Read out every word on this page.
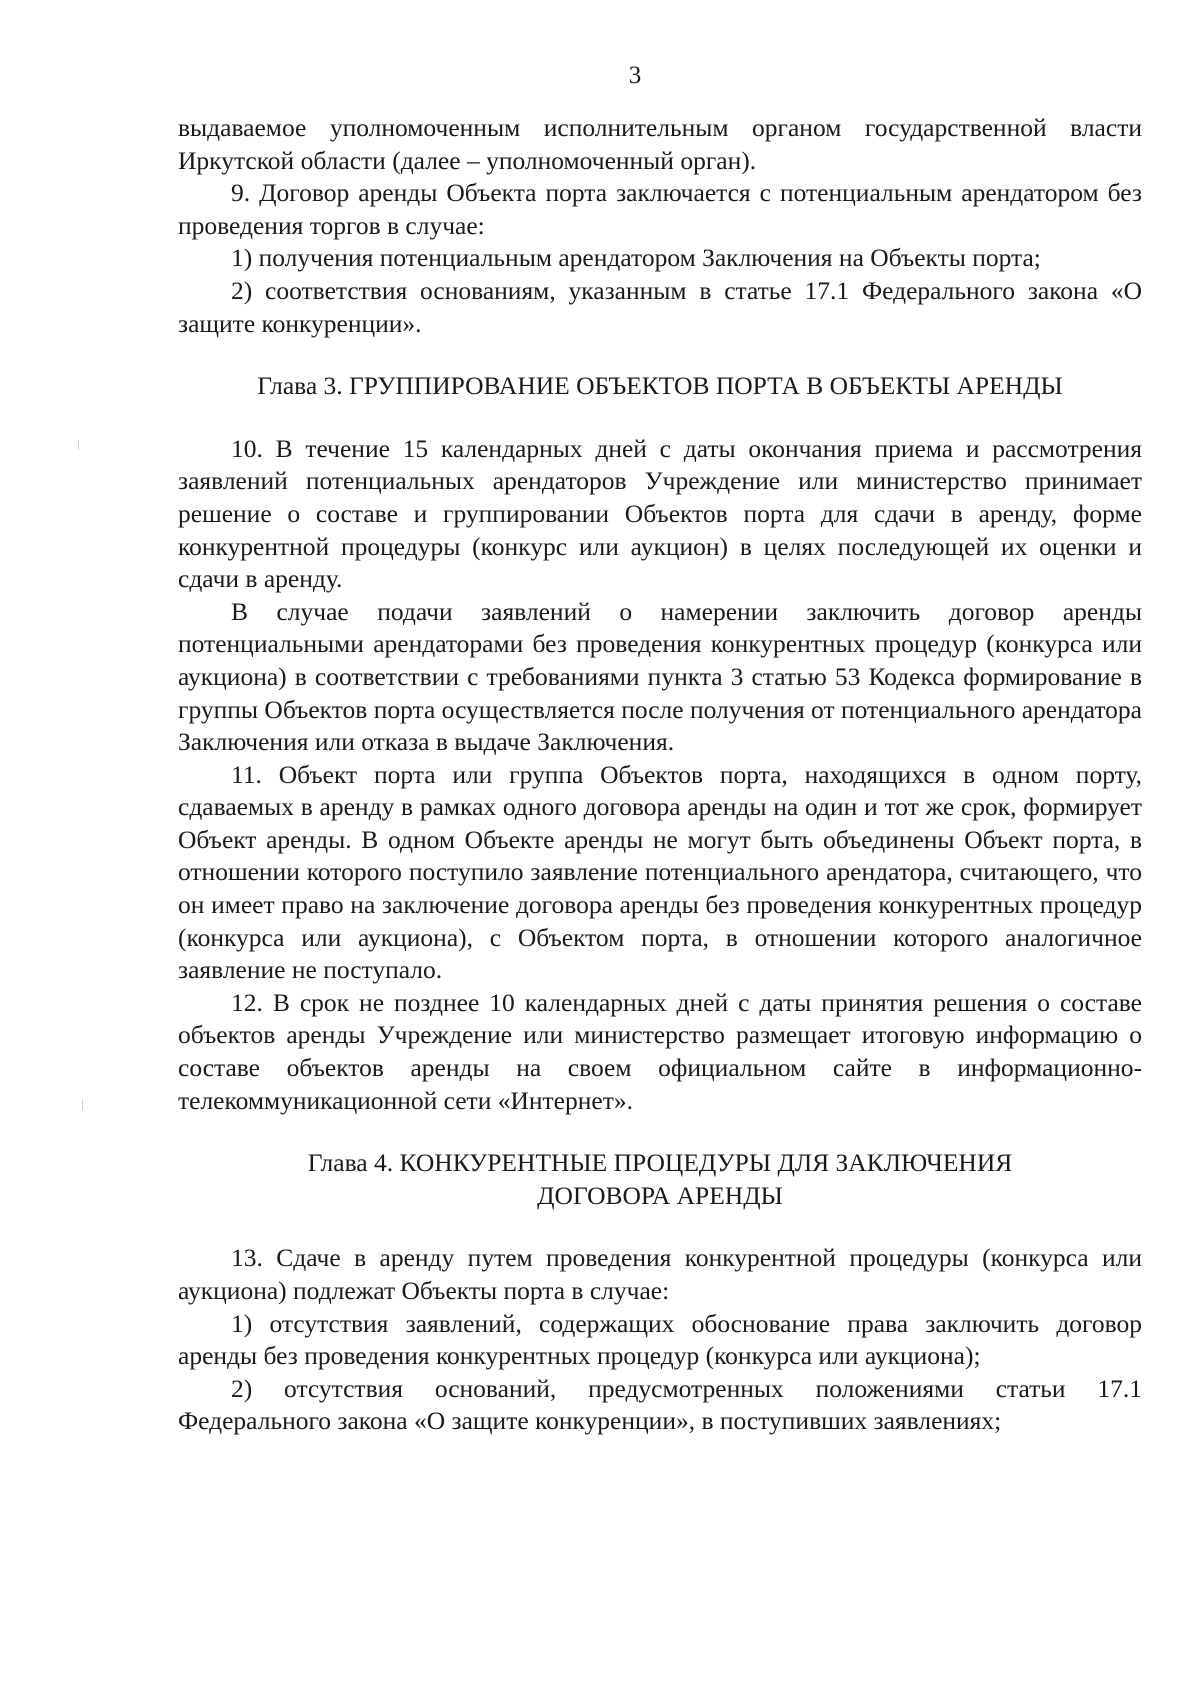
3

выдаваемое уполномоченным исполнительным органом государственной власти Иркутской области (далее – уполномоченный орган).

9. Договор аренды Объекта порта заключается с потенциальным арендатором без проведения торгов в случае:

1) получения потенциальным арендатором Заключения на Объекты порта;

2) соответствия основаниям, указанным в статье 17.1 Федерального закона «О защите конкуренции».

Глава 3. ГРУППИРОВАНИЕ ОБЪЕКТОВ ПОРТА В ОБЪЕКТЫ АРЕНДЫ

10. В течение 15 календарных дней с даты окончания приема и рассмотрения заявлений потенциальных арендаторов Учреждение или министерство принимает решение о составе и группировании Объектов порта для сдачи в аренду, форме конкурентной процедуры (конкурс или аукцион) в целях последующей их оценки и сдачи в аренду.

В случае подачи заявлений о намерении заключить договор аренды потенциальными арендаторами без проведения конкурентных процедур (конкурса или аукциона) в соответствии с требованиями пункта 3 статью 53 Кодекса формирование в группы Объектов порта осуществляется после получения от потенциального арендатора Заключения или отказа в выдаче Заключения.

11. Объект порта или группа Объектов порта, находящихся в одном порту, сдаваемых в аренду в рамках одного договора аренды на один и тот же срок, формирует Объект аренды. В одном Объекте аренды не могут быть объединены Объект порта, в отношении которого поступило заявление потенциального арендатора, считающего, что он имеет право на заключение договора аренды без проведения конкурентных процедур (конкурса или аукциона), с Объектом порта, в отношении которого аналогичное заявление не поступало.

12. В срок не позднее 10 календарных дней с даты принятия решения о составе объектов аренды Учреждение или министерство размещает итоговую информацию о составе объектов аренды на своем официальном сайте в информационно-телекоммуникационной сети «Интернет».

Глава 4. КОНКУРЕНТНЫЕ ПРОЦЕДУРЫ ДЛЯ ЗАКЛЮЧЕНИЯ

ДОГОВОРА АРЕНДЫ

13. Сдаче в аренду путем проведения конкурентной процедуры (конкурса или аукциона) подлежат Объекты порта в случае:

1) отсутствия заявлений, содержащих обоснование права заключить договор аренды без проведения конкурентных процедур (конкурса или аукциона);

2) отсутствия оснований, предусмотренных положениями статьи 17.1 Федерального закона «О защите конкуренции», в поступивших заявлениях;
